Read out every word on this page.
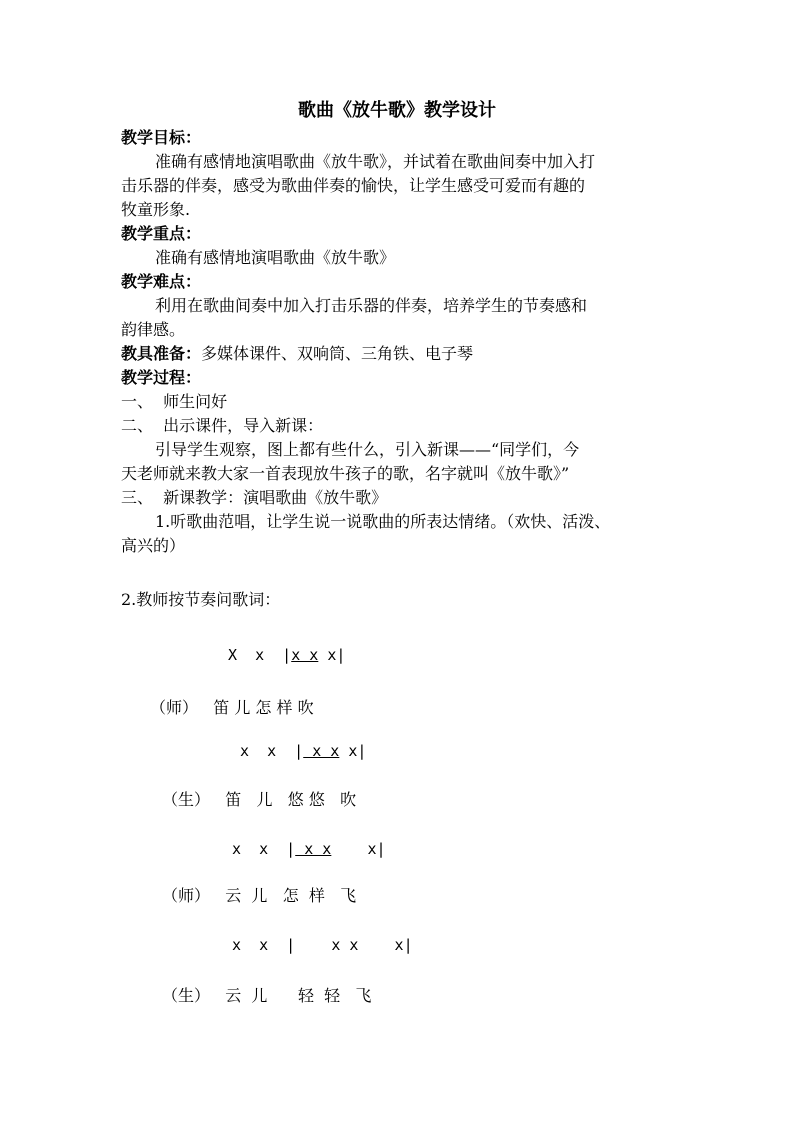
歌曲《放牛歌》教学设计
教学目标：
准确有感情地演唱歌曲《放牛歌》，并试着在歌曲间奏中加入打
击乐器的伴奏，感受为歌曲伴奏的愉快，让学生感受可爱而有趣的
牧童形象.
教学重点：
准确有感情地演唱歌曲《放牛歌》
教学难点：
利用在歌曲间奏中加入打击乐器的伴奏，培养学生的节奏感和
韵律感。
教具准备：多媒体课件、双响筒、三角铁、电子琴
教学过程：
一、  师生问好
二、  出示课件，导入新课：
引导学生观察，图上都有些什么，引入新课——“同学们，今
天老师就来教大家一首表现放牛孩子的歌，名字就叫《放牛歌》”
三、  新课教学：演唱歌曲《放牛歌》
1.听歌曲范唱，让学生说一说歌曲的所表达情绪。（欢快、活泼、
高兴的）
2.教师按节奏问歌词：
X  x  |x x x|
（师）   笛 儿 怎 样 吹
x  x  | x x x|
（生）   笛   儿   悠 悠   吹
x  x  | x x    x|
（师）   云  儿   怎  样   飞
x  x  |    x x    x|
（生）   云  儿      轻  轻   飞
